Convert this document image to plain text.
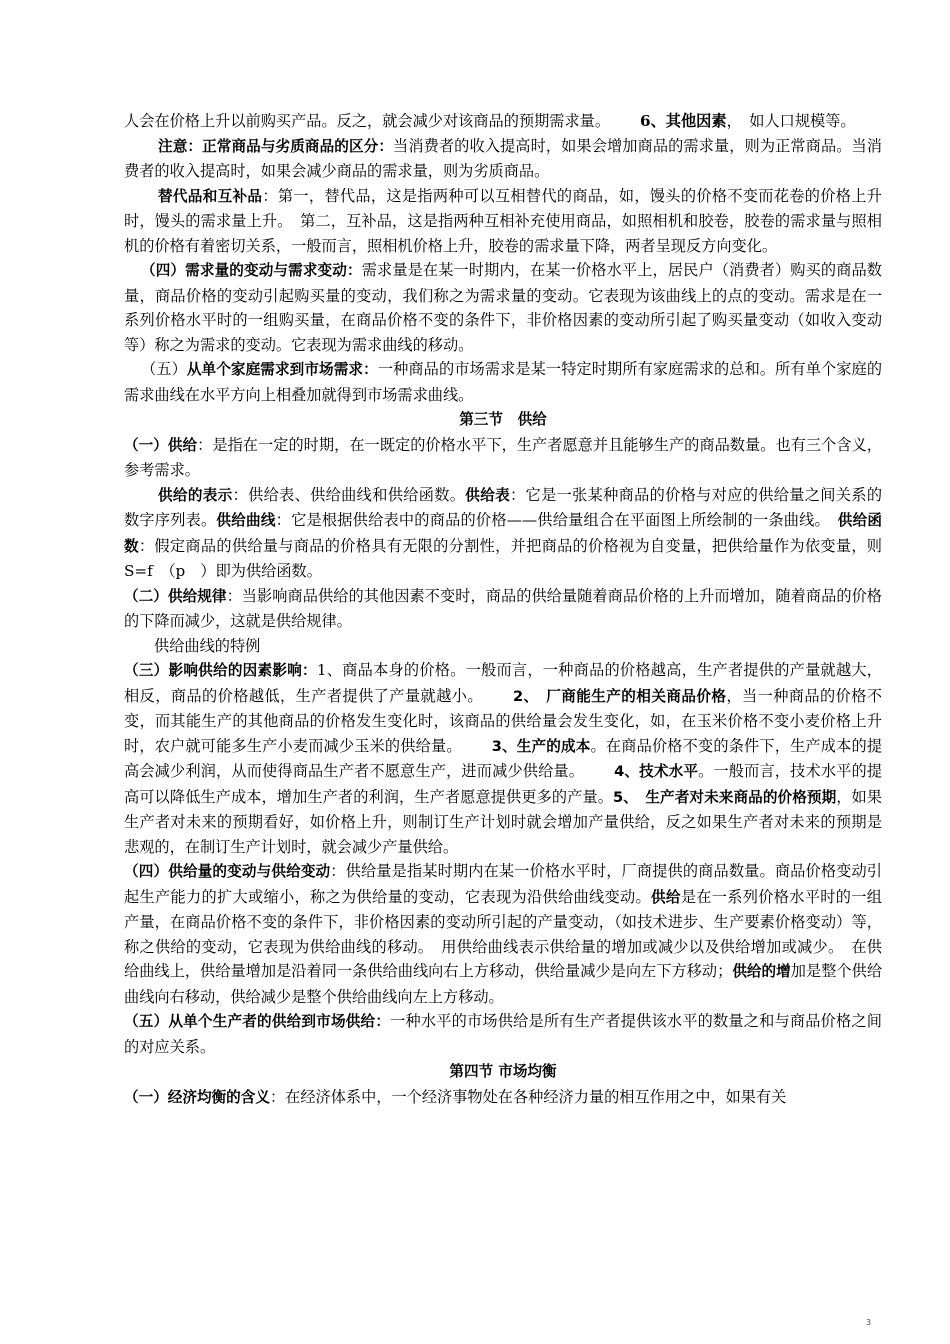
人会在价格上升以前购买产品。反之，就会减少对该商品的预期需求量。 6、其他因素，　如人口规模等。

注意：正常商品与劣质商品的区分：当消费者的收入提高时，如果会增加商品的需求量，则为正常商品。当消费者的收入提高时，如果会减少商品的需求量，则为劣质商品。

替代品和互补品：第一，替代品，这是指两种可以互相替代的商品，如，馒头的价格不变而花卷的价格上升时，馒头的需求量上升。　第二，互补品，这是指两种互相补充使用商品，如照相机和胶卷，胶卷的需求量与照相机的价格有着密切关系，一般而言，照相机价格上升，胶卷的需求量下降，两者呈现反方向变化。

（四）需求量的变动与需求变动：需求量是在某一时期内，在某一价格水平上，居民户（消费者）购买的商品数量，商品价格的变动引起购买量的变动，我们称之为需求量的变动。它表现为该曲线上的点的变动。需求是在一系列价格水平时的一组购买量，在商品价格不变的条件下，非价格因素的变动所引起了购买量变动（如收入变动等）称之为需求的变动。它表现为需求曲线的移动。

（五）从单个家庭需求到市场需求：一种商品的市场需求是某一特定时期所有家庭需求的总和。所有单个家庭的需求曲线在水平方向上相叠加就得到市场需求曲线。

第三节　供给

（一）供给：是指在一定的时期，在一既定的价格水平下，生产者愿意并且能够生产的商品数量。也有三个含义，参考需求。

供给的表示：供给表、供给曲线和供给函数。供给表：它是一张某种商品的价格与对应的供给量之间关系的数字序列表。供给曲线：它是根据供给表中的商品的价格——供给量组合在平面图上所绘制的一条曲线。　供给函数：假定商品的供给量与商品的价格具有无限的分割性，并把商品的价格视为自变量，把供给量作为依变量，则　S=f　（p　）即为供给函数。

（二）供给规律：当影响商品供给的其他因素不变时，商品的供给量随着商品价格的上升而增加，随着商品的价格的下降而减少，这就是供给规律。

供给曲线的特例

（三）影响供给的因素影响：1、商品本身的价格。一般而言，一种商品的价格越高，生产者提供的产量就越大，相反，商品的价格越低，生产者提供了产量就越小。 2、　厂商能生产的相关商品价格，当一种商品的价格不变，而其能生产的其他商品的价格发生变化时，该商品的供给量会发生变化，如，在玉米价格不变小麦价格上升时，农户就可能多生产小麦而减少玉米的供给量。 3、生产的成本。在商品价格不变的条件下，生产成本的提高会减少利润，从而使得商品生产者不愿意生产，进而减少供给量。 4、技术水平。一般而言，技术水平的提高可以降低生产成本，增加生产者的利润，生产者愿意提供更多的产量。5、　生产者对未来商品的价格预期，如果生产者对未来的预期看好，如价格上升，则制订生产计划时就会增加产量供给，反之如果生产者对未来的预期是悲观的，在制订生产计划时，就会减少产量供给。

（四）供给量的变动与供给变动：供给量是指某时期内在某一价格水平时，厂商提供的商品数量。商品价格变动引起生产能力的扩大或缩小，称之为供给量的变动，它表现为沿供给曲线变动。供给是在一系列价格水平时的一组产量，在商品价格不变的条件下，非价格因素的变动所引起的产量变动，（如技术进步、生产要素价格变动）等，称之供给的变动，它表现为供给曲线的移动。　用供给曲线表示供给量的增加或减少以及供给增加或减少。　在供给曲线上，供给量增加是沿着同一条供给曲线向右上方移动，供给量减少是向左下方移动；供给的增加是整个供给曲线向右移动，供给减少是整个供给曲线向左上方移动。

（五）从单个生产者的供给到市场供给：一种水平的市场供给是所有生产者提供该水平的数量之和与商品价格之间的对应关系。

第四节 市场均衡

（一）经济均衡的含义：在经济体系中，一个经济事物处在各种经济力量的相互作用之中，如果有关

3
